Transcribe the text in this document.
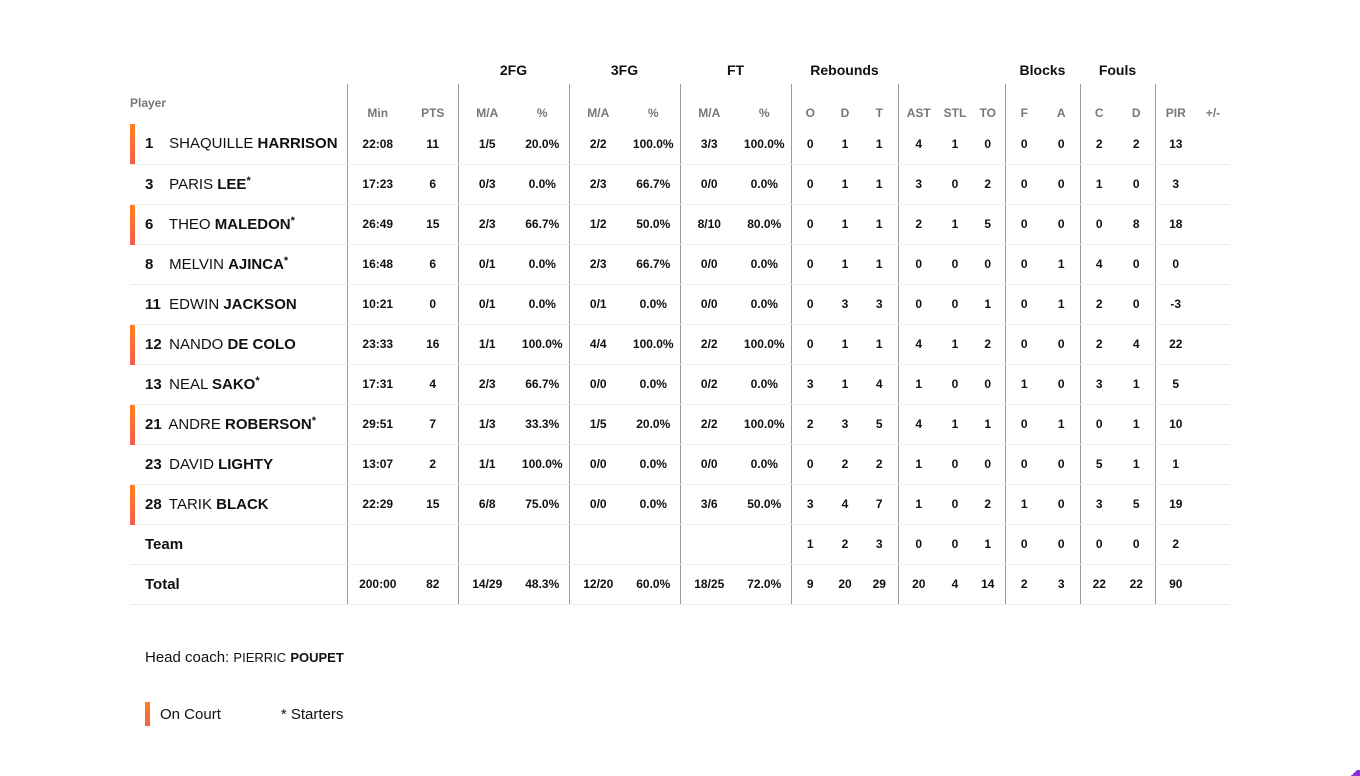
2FG	3FG	FT	Rebounds	Blocks	Fouls
Player	Min	PTS	M/A	%	M/A	%	M/A	%	O	D	T	AST	STL	TO	F	A	C	D	PIR	+/-

1 SHAQUILLE HARRISON	22:08	11	1/5	20.0%	2/2	100.0%	3/3	100.0%	0	1	1	4	1	0	0	0	2	2	13	
3 PARIS LEE*	17:23	6	0/3	0.0%	2/3	66.7%	0/0	0.0%	0	1	1	3	0	2	0	0	1	0	3	

6 THEO MALEDON*	26:49	15	2/3	66.7%	1/2	50.0%	8/10	80.0%	0	1	1	2	1	5	0	0	0	8	18	
8 MELVIN AJINCA*	16:48	6	0/1	0.0%	2/3	66.7%	0/0	0.0%	0	1	1	0	0	0	0	1	4	0	0	
11 EDWIN JACKSON	10:21	0	0/1	0.0%	0/1	0.0%	0/0	0.0%	0	3	3	0	0	1	0	1	2	0	-3	

12 NANDO DE COLO	23:33	16	1/1	100.0%	4/4	100.0%	2/2	100.0%	0	1	1	4	1	2	0	0	2	4	22	
13 NEAL SAKO*	17:31	4	2/3	66.7%	0/0	0.0%	0/2	0.0%	3	1	4	1	0	0	1	0	3	1	5	

21 ANDRE ROBERSON*	29:51	7	1/3	33.3%	1/5	20.0%	2/2	100.0%	2	3	5	4	1	1	0	1	0	1	10	
23 DAVID LIGHTY	13:07	2	1/1	100.0%	0/0	0.0%	0/0	0.0%	0	2	2	1	0	0	0	0	5	1	1	

28 TARIK BLACK	22:29	15	6/8	75.0%	0/0	0.0%	3/6	50.0%	3	4	7	1	0	2	1	0	3	5	19	
Team									1	2	3	0	0	1	0	0	0	0	2	
Total	200:00	82	14/29	48.3%	12/20	60.0%	18/25	72.0%	9	20	29	20	4	14	2	3	22	22	90	
Head coach: PIERRIC POUPET
On Court	* Starters
